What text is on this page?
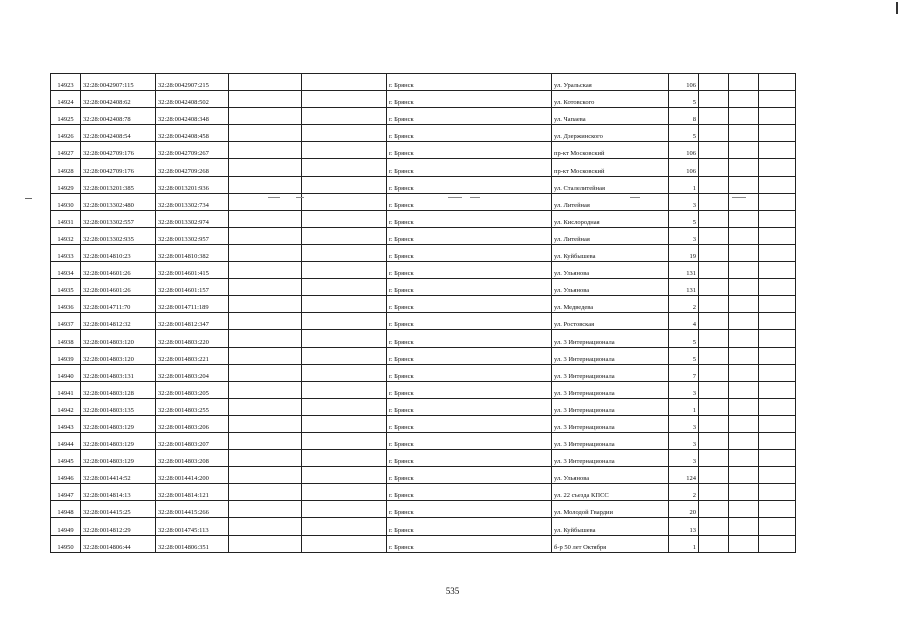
14923	32:28:0042907:115	32:28:0042907:215			г. Брянск	ул. Уральская	106			
14924	32:28:0042408:62	32:28:0042408:502			г. Брянск	ул. Котовского	5			
14925	32:28:0042408:78	32:28:0042408:348			г. Брянск	ул. Чапаева	8			
14926	32:28:0042408:54	32:28:0042408:458			г. Брянск	ул. Дзержинского	5			
14927	32:28:0042709:176	32:28:0042709:267			г. Брянск	пр-кт Московский	106			
14928	32:28:0042709:176	32:28:0042709:268			г. Брянск	пр-кт Московский	106			
14929	32:28:0013201:385	32:28:0013201:936			г. Брянск	ул. Сталелитейная	1			
14930	32:28:0013302:480	32:28:0013302:734			г. Брянск	ул. Литейная	3			
14931	32:28:0013302:557	32:28:0013302:974			г. Брянск	ул. Кислородная	5			
14932	32:28:0013302:935	32:28:0013302:957			г. Брянск	ул. Литейная	3			
14933	32:28:0014810:23	32:28:0014810:382			г. Брянск	ул. Куйбышева	19			
14934	32:28:0014601:26	32:28:0014601:415			г. Брянск	ул. Ульянова	131			
14935	32:28:0014601:26	32:28:0014601:157			г. Брянск	ул. Ульянова	131			
14936	32:28:0014711:70	32:28:0014711:189			г. Брянск	ул. Медведева	2			
14937	32:28:0014812:32	32:28:0014812:347			г. Брянск	ул. Ростовская	4			
14938	32:28:0014803:120	32:28:0014803:220			г. Брянск	ул. 3 Интернационала	5			
14939	32:28:0014803:120	32:28:0014803:221			г. Брянск	ул. 3 Интернационала	5			
14940	32:28:0014803:131	32:28:0014803:204			г. Брянск	ул. 3 Интернационала	7			
14941	32:28:0014803:128	32:28:0014803:205			г. Брянск	ул. 3 Интернационала	3			
14942	32:28:0014803:135	32:28:0014803:255			г. Брянск	ул. 3 Интернационала	1			
14943	32:28:0014803:129	32:28:0014803:206			г. Брянск	ул. 3 Интернационала	3			
14944	32:28:0014803:129	32:28:0014803:207			г. Брянск	ул. 3 Интернационала	3			
14945	32:28:0014803:129	32:28:0014803:208			г. Брянск	ул. 3 Интернационала	3			
14946	32:28:0014414:52	32:28:0014414:200			г. Брянск	ул. Ульянова	124			
14947	32:28:0014814:13	32:28:0014814:121			г. Брянск	ул. 22 съезда КПСС	2			
14948	32:28:0014415:25	32:28:0014415:266			г. Брянск	ул. Молодой Гвардии	20			
14949	32:28:0014812:29	32:28:0014745:113			г. Брянск	ул. Куйбышева	13			
14950	32:28:0014806:44	32:28:0014806:351			г. Брянск	б-р 50 лет Октября	1			
535
